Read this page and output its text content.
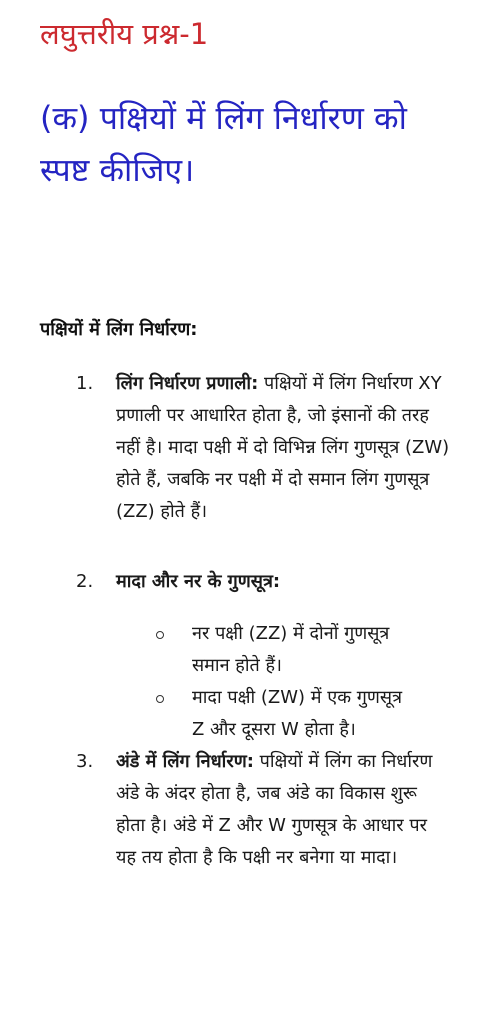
लघुत्तरीय प्रश्न-1
(क) पक्षियों में लिंग निर्धारण को स्पष्ट कीजिए।
पक्षियों में लिंग निर्धारण:
1.	लिंग निर्धारण प्रणाली: पक्षियों में लिंग निर्धारण XY प्रणाली पर आधारित होता है, जो इंसानों की तरह नहीं है। मादा पक्षी में दो विभिन्न लिंग गुणसूत्र (ZW) होते हैं, जबकि नर पक्षी में दो समान लिंग गुणसूत्र (ZZ) होते हैं।
2.	मादा और नर के गुणसूत्र:
नर पक्षी (ZZ) में दोनों गुणसूत्र समान होते हैं।
मादा पक्षी (ZW) में एक गुणसूत्र Z और दूसरा W होता है।
3.	अंडे में लिंग निर्धारण: पक्षियों में लिंग का निर्धारण अंडे के अंदर होता है, जब अंडे का विकास शुरू होता है। अंडे में Z और W गुणसूत्र के आधार पर यह तय होता है कि पक्षी नर बनेगा या मादा।
